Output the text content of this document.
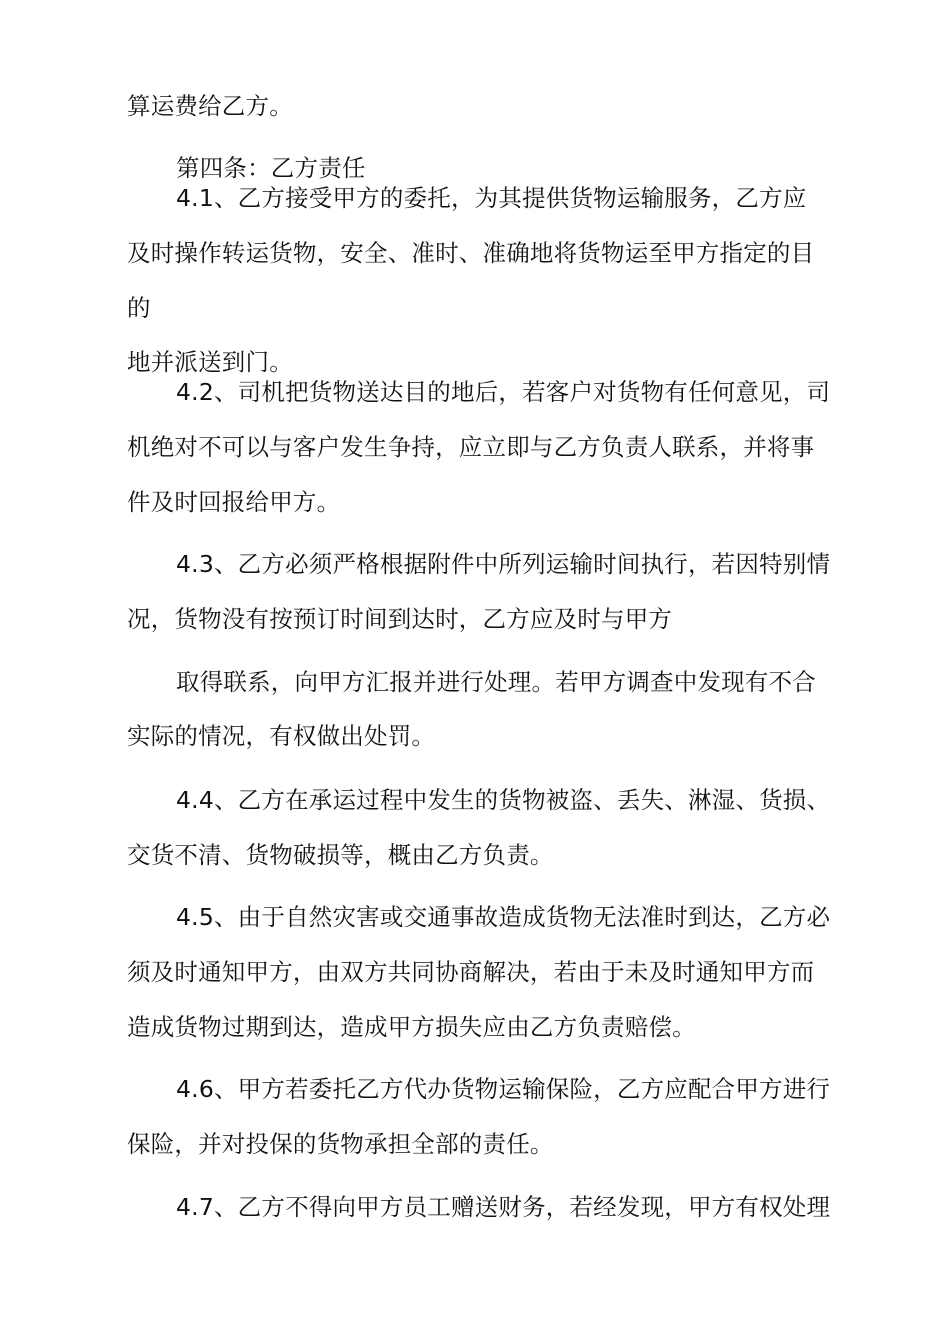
算运费给乙方。

第四条：乙方责任

4.1、乙方接受甲方的委托，为其提供货物运输服务，乙方应

及时操作转运货物，安全、准时、准确地将货物运至甲方指定的目

的

地并派送到门。

4.2、司机把货物送达目的地后，若客户对货物有任何意见，司

机绝对不可以与客户发生争持，应立即与乙方负责人联系，并将事

件及时回报给甲方。

4.3、乙方必须严格根据附件中所列运输时间执行，若因特别情

况，货物没有按预订时间到达时，乙方应及时与甲方

取得联系，向甲方汇报并进行处理。若甲方调查中发现有不合

实际的情况，有权做出处罚。

4.4、乙方在承运过程中发生的货物被盗、丢失、淋湿、货损、

交货不清、货物破损等，概由乙方负责。

4.5、由于自然灾害或交通事故造成货物无法准时到达，乙方必

须及时通知甲方，由双方共同协商解决，若由于未及时通知甲方而

造成货物过期到达，造成甲方损失应由乙方负责赔偿。

4.6、甲方若委托乙方代办货物运输保险，乙方应配合甲方进行

保险，并对投保的货物承担全部的责任。

4.7、乙方不得向甲方员工赠送财务，若经发现，甲方有权处理
